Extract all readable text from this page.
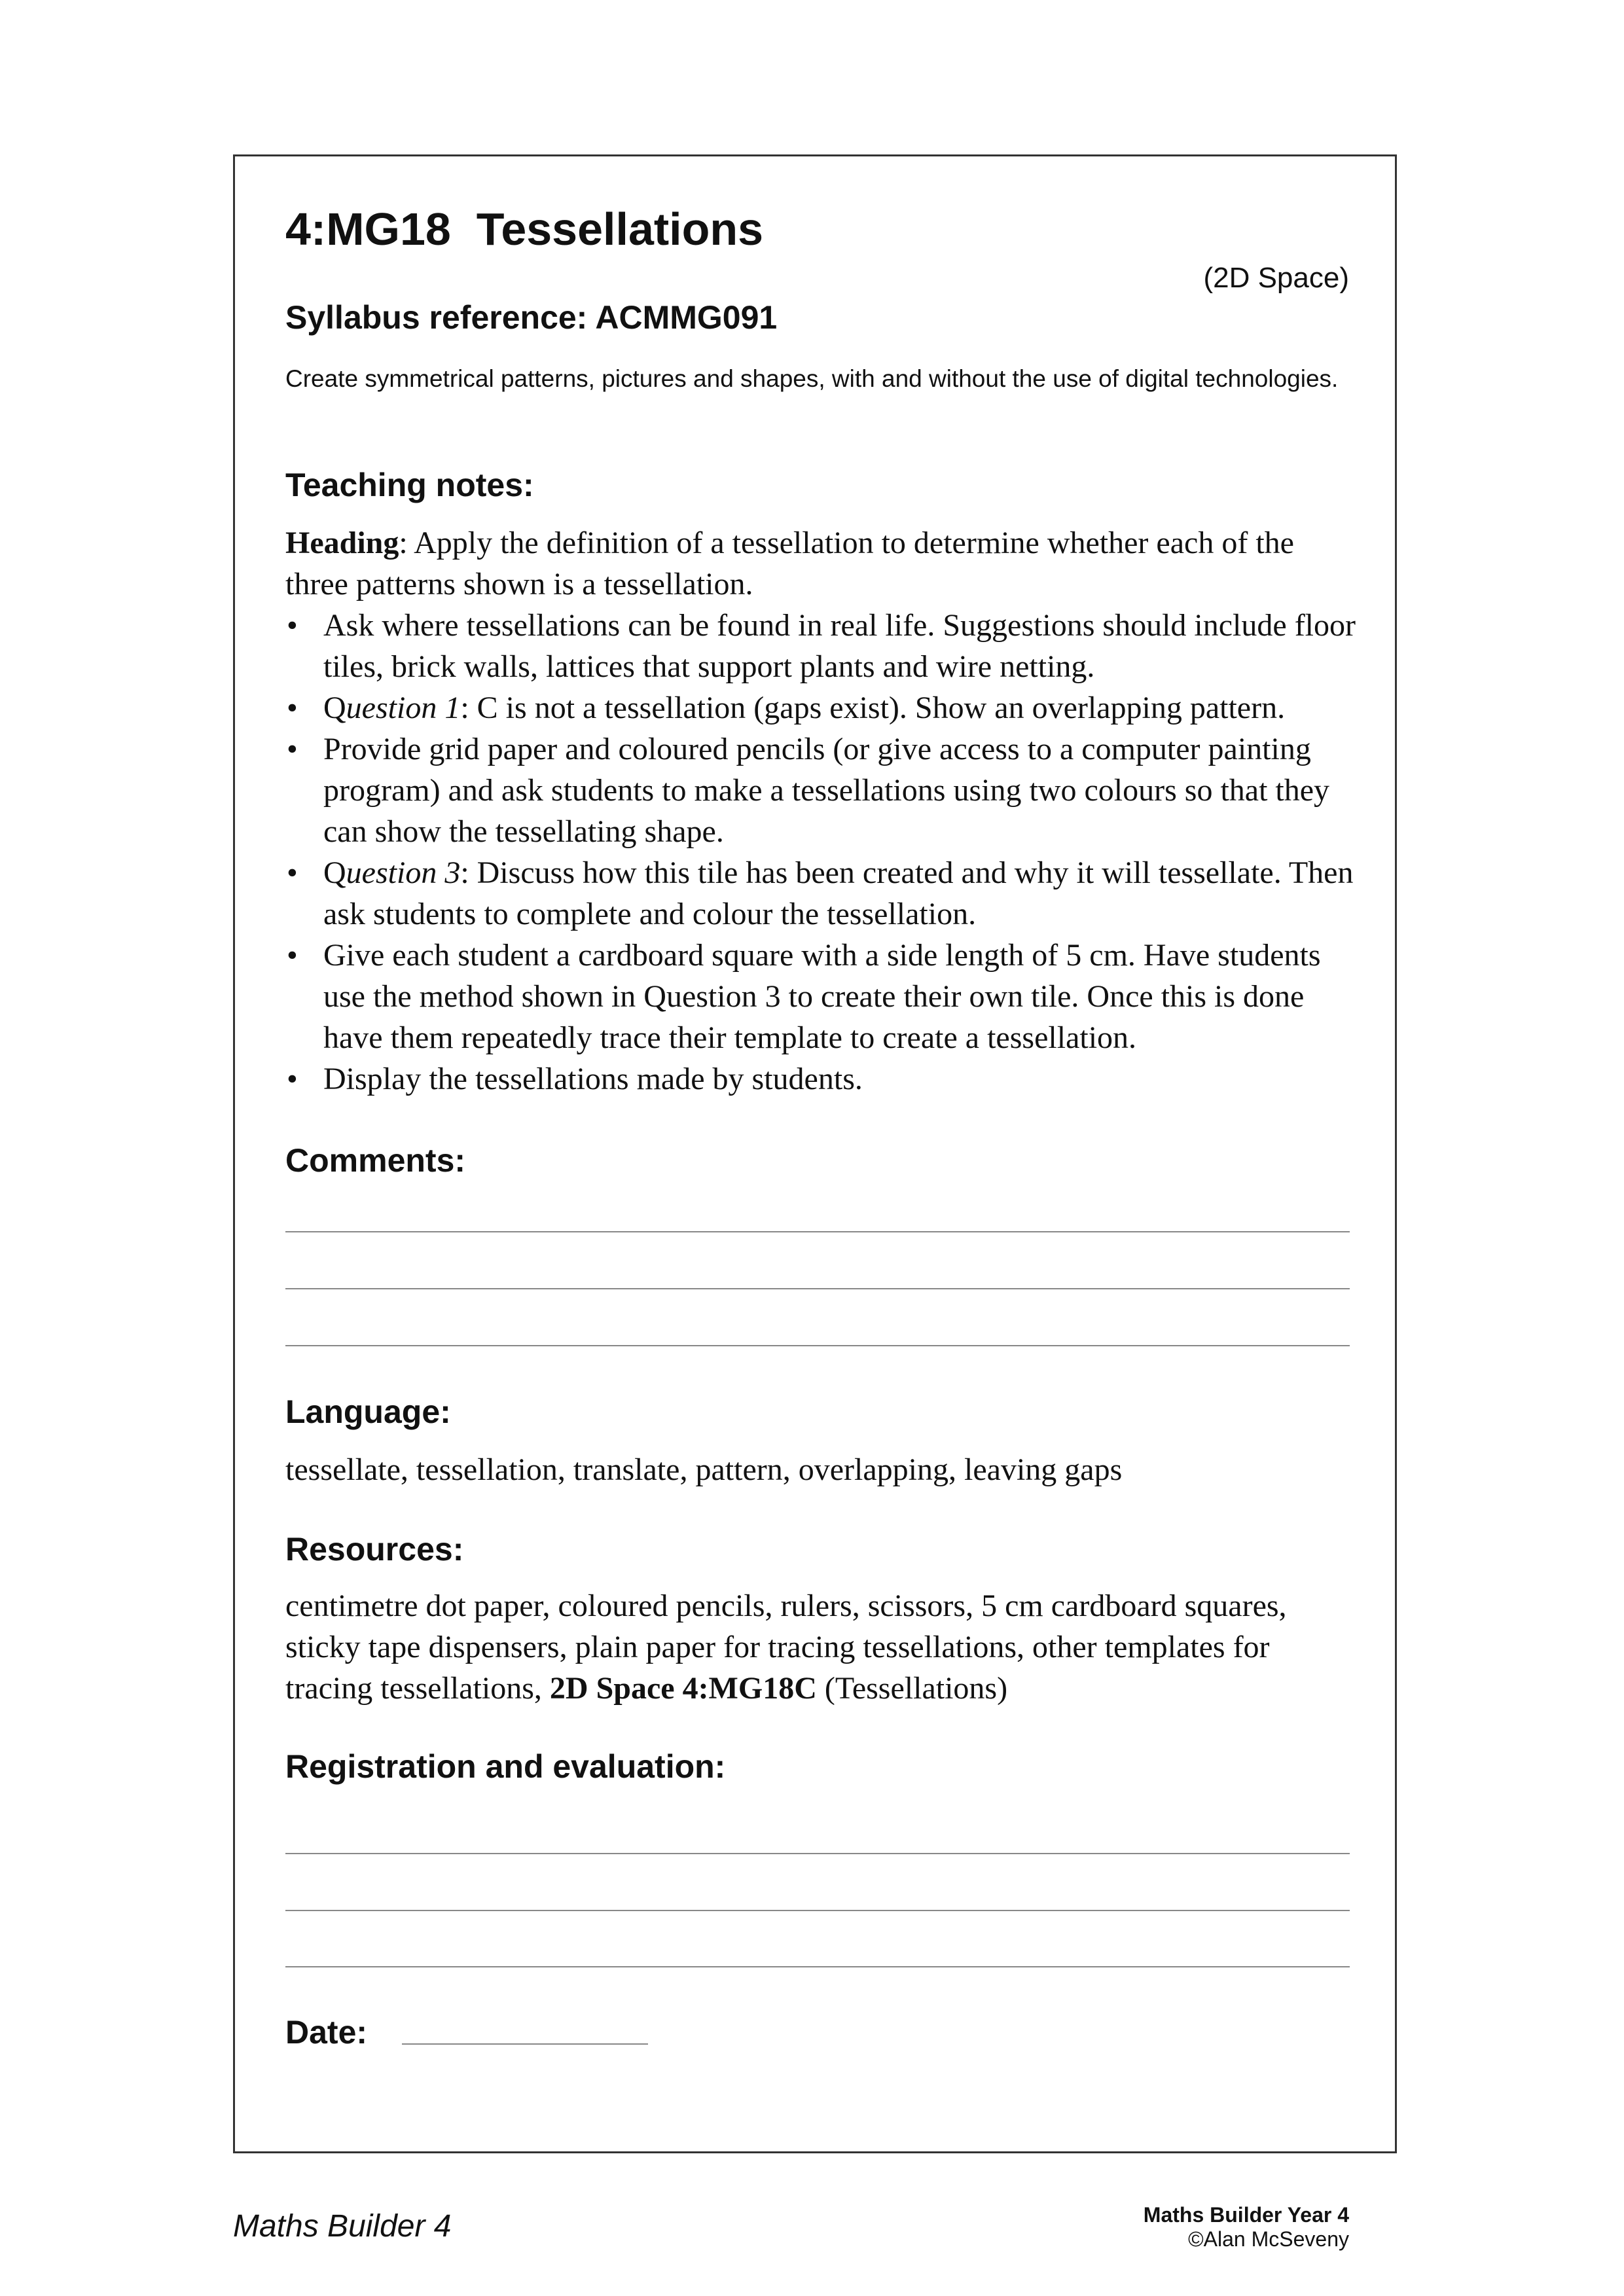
4:MG18  Tessellations
(2D Space)
Syllabus reference: ACMMG091
Create symmetrical patterns, pictures and shapes, with and without the use of digital technologies.
Teaching notes:

Heading: Apply the definition of a tessellation to determine whether each of the three patterns shown is a tessellation.

• Ask where tessellations can be found in real life. Suggestions should include floor tiles, brick walls, lattices that support plants and wire netting.
• Question 1: C is not a tessellation (gaps exist). Show an overlapping pattern.
• Provide grid paper and coloured pencils (or give access to a computer painting program) and ask students to make a tessellations using two colours so that they can show the tessellating shape.
• Question 3: Discuss how this tile has been created and why it will tessellate. Then ask students to complete and colour the tessellation.
• Give each student a cardboard square with a side length of 5 cm. Have students use the method shown in Question 3 to create their own tile. Once this is done have them repeatedly trace their template to create a tessellation.
• Display the tessellations made by students.
Comments:
Language:
tessellate, tessellation, translate, pattern, overlapping, leaving gaps
Resources:
centimetre dot paper, coloured pencils, rulers, scissors, 5 cm cardboard squares, sticky tape dispensers, plain paper for tracing tessellations, other templates for tracing tessellations, 2D Space 4:MG18C (Tessellations)
Registration and evaluation:
Date:
Maths Builder 4	Maths Builder Year 4
©Alan McSeveny
